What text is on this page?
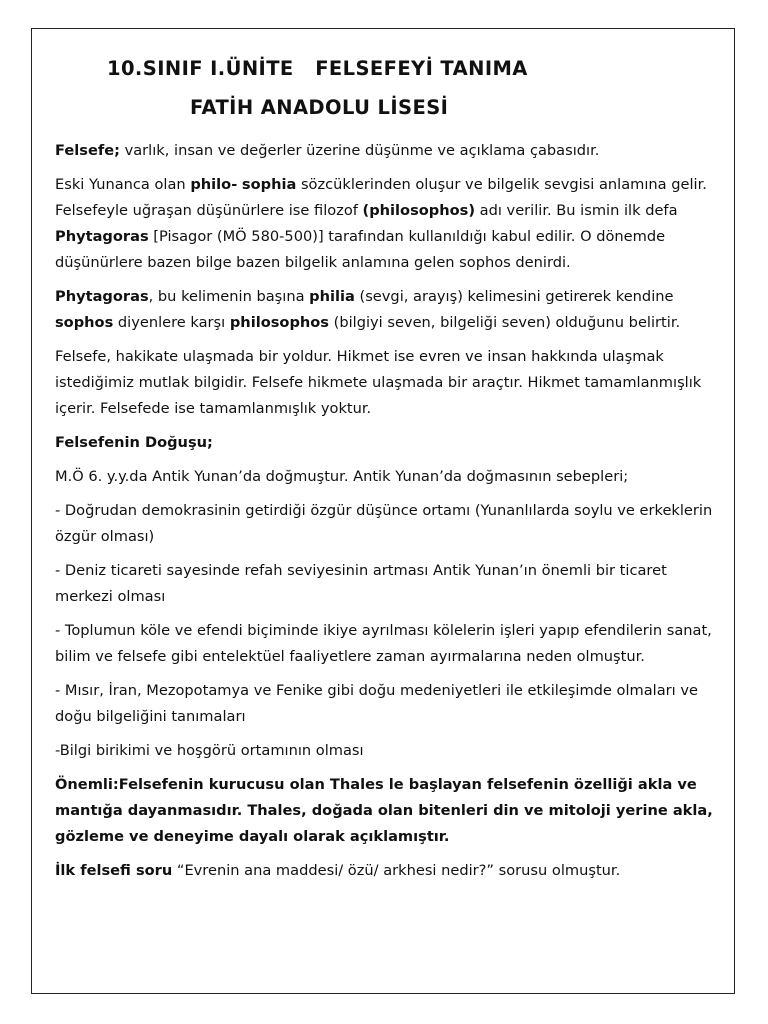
10.SINIF I.ÜNİTE   FELSEFEYİ TANIMA
FATİH ANADOLU LİSESİ

Felsefe; varlık, insan ve değerler üzerine düşünme ve açıklama çabasıdır.

Eski Yunanca olan philo- sophia sözcüklerinden oluşur ve bilgelik sevgisi anlamına gelir. Felsefeyle uğraşan düşünürlere ise filozof (philosophos) adı verilir. Bu ismin ilk defa Phytagoras [Pisagor (MÖ 580-500)] tarafından kullanıldığı kabul edilir. O dönemde düşünürlere bazen bilge bazen bilgelik anlamına gelen sophos denirdi.

Phytagoras, bu kelimenin başına philia (sevgi, arayış) kelimesini getirerek kendine sophos diyenlere karşı philosophos (bilgiyi seven, bilgeliği seven) olduğunu belirtir.

Felsefe, hakikate ulaşmada bir yoldur. Hikmet ise evren ve insan hakkında ulaşmak istediğimiz mutlak bilgidir. Felsefe hikmete ulaşmada bir araçtır. Hikmet tamamlanmışlık içerir. Felsefede ise tamamlanmışlık yoktur.

Felsefenin Doğuşu;

M.Ö 6. y.y.da Antik Yunan’da doğmuştur. Antik Yunan’da doğmasının sebepleri;

- Doğrudan demokrasinin getirdiği özgür düşünce ortamı (Yunanlılarda soylu ve erkeklerin özgür olması)

- Deniz ticareti sayesinde refah seviyesinin artması Antik Yunan’ın önemli bir ticaret merkezi olması

- Toplumun köle ve efendi biçiminde ikiye ayrılması kölelerin işleri yapıp efendilerin sanat, bilim ve felsefe gibi entelektüel faaliyetlere zaman ayırmalarına neden olmuştur.

- Mısır, İran, Mezopotamya ve Fenike gibi doğu medeniyetleri ile etkileşimde olmaları ve doğu bilgeliğini tanımaları

-Bilgi birikimi ve hoşgörü ortamının olması

Önemli:Felsefenin kurucusu olan Thales le başlayan felsefenin özelliği akla ve mantığa dayanmasıdır. Thales, doğada olan bitenleri din ve mitoloji yerine akla, gözleme ve deneyime dayalı olarak açıklamıştır.

İlk felsefi soru “Evrenin ana maddesi/ özü/ arkhesi nedir?” sorusu olmuştur.
